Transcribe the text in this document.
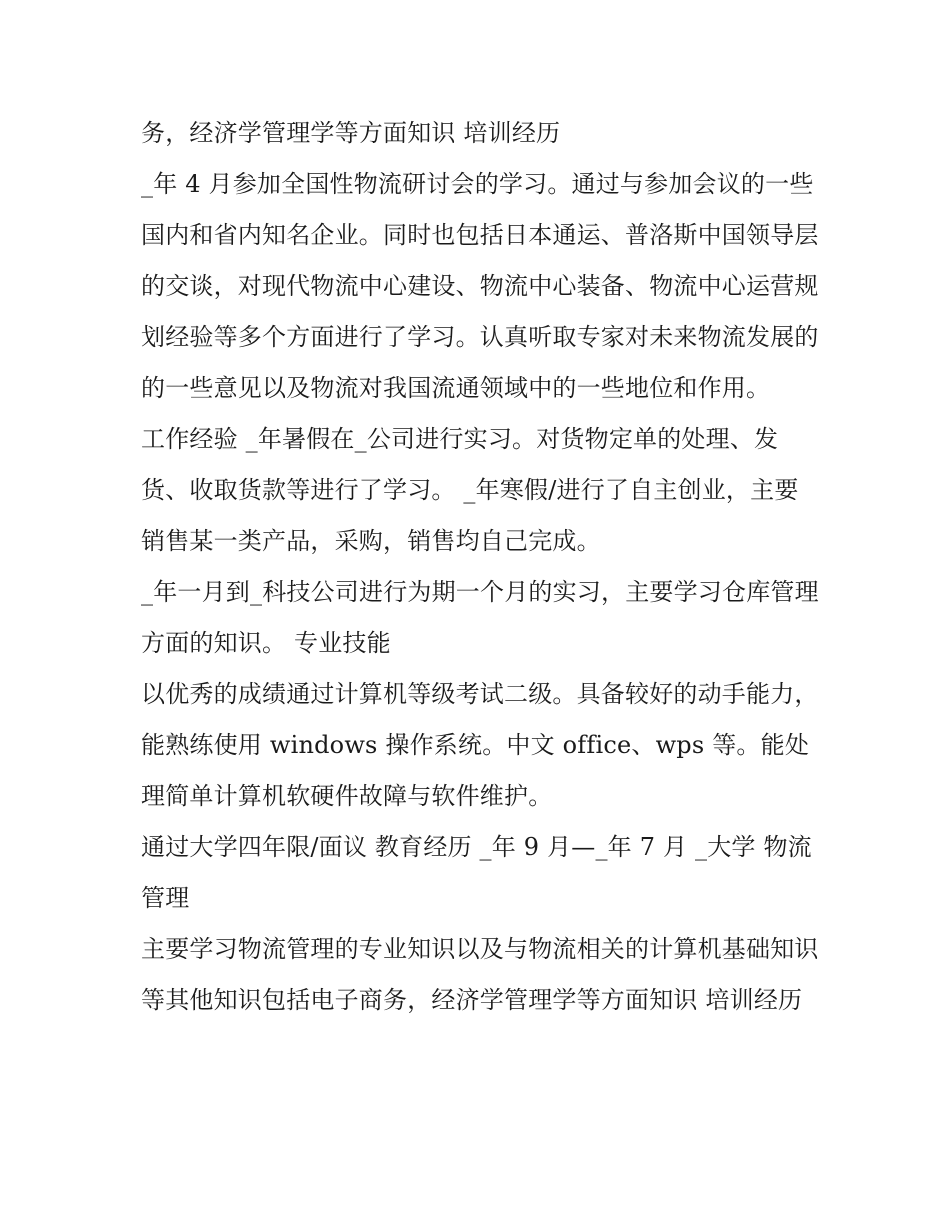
务，经济学管理学等方面知识 培训经历

_年 4 月参加全国性物流研讨会的学习。通过与参加会议的一些国内和省内知名企业。同时也包括日本通运、普洛斯中国领导层的交谈，对现代物流中心建设、物流中心装备、物流中心运营规划经验等多个方面进行了学习。认真听取专家对未来物流发展的的一些意见以及物流对我国流通领域中的一些地位和作用。

工作经验 _年暑假在_公司进行实习。对货物定单的处理、发货、收取货款等进行了学习。 _年寒假/进行了自主创业，主要销售某一类产品，采购，销售均自己完成。

_年一月到_科技公司进行为期一个月的实习，主要学习仓库管理方面的知识。 专业技能

以优秀的成绩通过计算机等级考试二级。具备较好的动手能力，能熟练使用 windows 操作系统。中文 office、wps 等。能处理简单计算机软硬件故障与软件维护。

通过大学四年限/面议 教育经历 _年 9 月—_年 7 月 _大学 物流管理

主要学习物流管理的专业知识以及与物流相关的计算机基础知识等其他知识包括电子商务，经济学管理学等方面知识 培训经历
